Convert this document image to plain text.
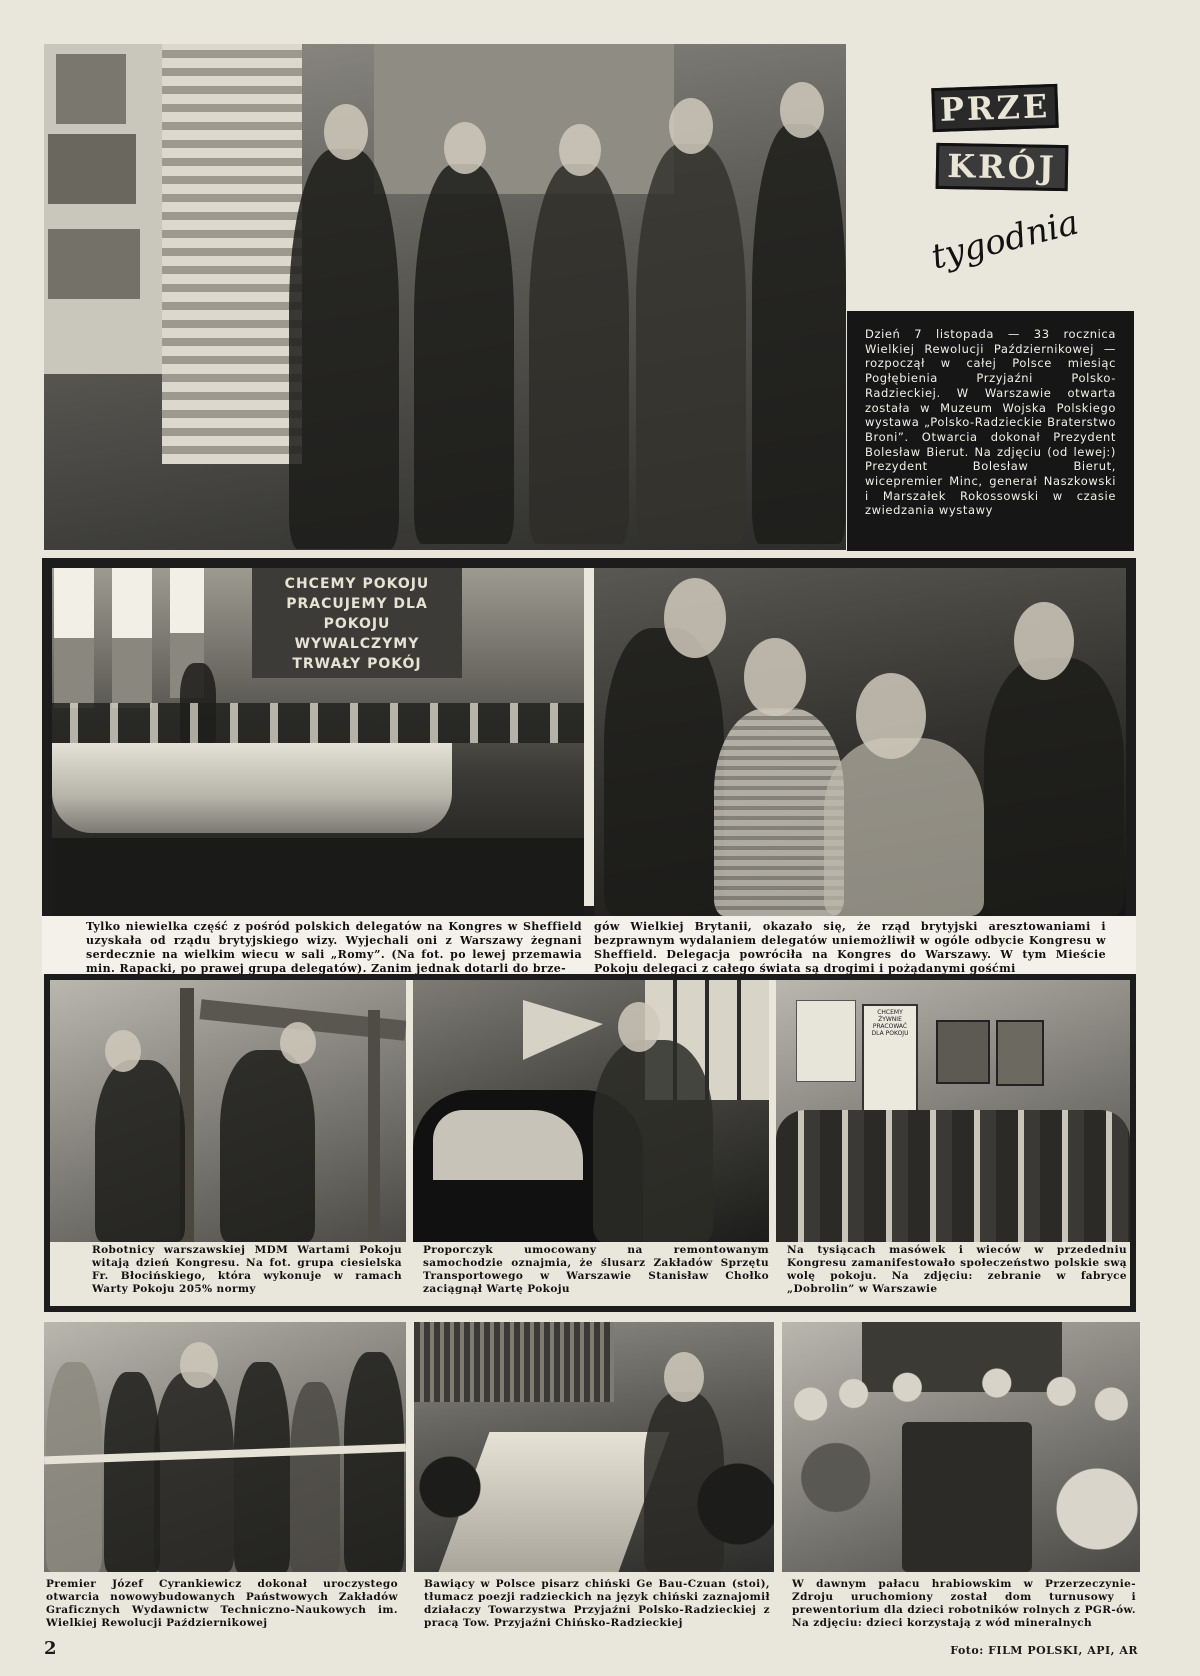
PRZE
KRÓJ
tygodnia

Dzień 7 listopada — 33 rocznica Wielkiej Rewolucji Październikowej — rozpoczął w całej Polsce miesiąc Pogłębienia Przyjaźni Polsko-Radzieckiej. W Warszawie otwarta została w Muzeum Wojska Polskiego wystawa „Polsko-Radzieckie Braterstwo Broni”. Otwarcia dokonał Prezydent Bolesław Bierut. Na zdjęciu (od lewej:) Prezydent Bolesław Bierut, wicepremier Minc, generał Naszkowski i Marszałek Rokossowski w czasie zwiedzania wystawy

CHCEMY POKOJU
PRACUJEMY DLA POKOJU
WYWALCZYMY
TRWAŁY POKÓJ

Tylko niewielka część z pośród polskich delegatów na Kongres w Sheffield uzyskała od rządu brytyjskiego wizy. Wyjechali oni z Warszawy żegnani serdecznie na wielkim wiecu w sali „Romy”. (Na fot. po lewej przemawia min. Rapacki, po prawej grupa delegatów). Zanim jednak dotarli do brze-

gów Wielkiej Brytanii, okazało się, że rząd brytyjski aresztowaniami i bezprawnym wydalaniem delegatów uniemożliwił w ogóle odbycie Kongresu w Sheffield. Delegacja powróciła na Kongres do Warszawy. W tym Mieście Pokoju delegaci z całego świata są drogimi i pożądanymi gośćmi

CHCEMY ŻYWNIE PRACOWAĆ DLA POKOJU

Robotnicy warszawskiej MDM Wartami Pokoju witają dzień Kongresu. Na fot. grupa ciesielska Fr. Błocińskiego, która wykonuje w ramach Warty Pokoju 205% normy

Proporczyk umocowany na remontowanym samochodzie oznajmia, że ślusarz Zakładów Sprzętu Transportowego w Warszawie Stanisław Chołko zaciągnął Wartę Pokoju

Na tysiącach masówek i wieców w przededniu Kongresu zamanifestowało społeczeństwo polskie swą wolę pokoju. Na zdjęciu: zebranie w fabryce „Dobrolin” w Warszawie

Premier Józef Cyrankiewicz dokonał uroczystego otwarcia nowowybudowanych Państwowych Zakładów Graficznych Wydawnictw Techniczno-Naukowych im. Wielkiej Rewolucji Październikowej

Bawiący w Polsce pisarz chiński Ge Bau-Czuan (stoi), tłumacz poezji radzieckich na język chiński zaznajomił działaczy Towarzystwa Przyjaźni Polsko-Radzieckiej z pracą Tow. Przyjaźni Chińsko-Radzieckiej

W dawnym pałacu hrabiowskim w Przerzeczynie-Zdroju uruchomiony został dom turnusowy i prewentorium dla dzieci robotników rolnych z PGR-ów. Na zdjęciu: dzieci korzystają z wód mineralnych

2	Foto: FILM POLSKI, API, AR
